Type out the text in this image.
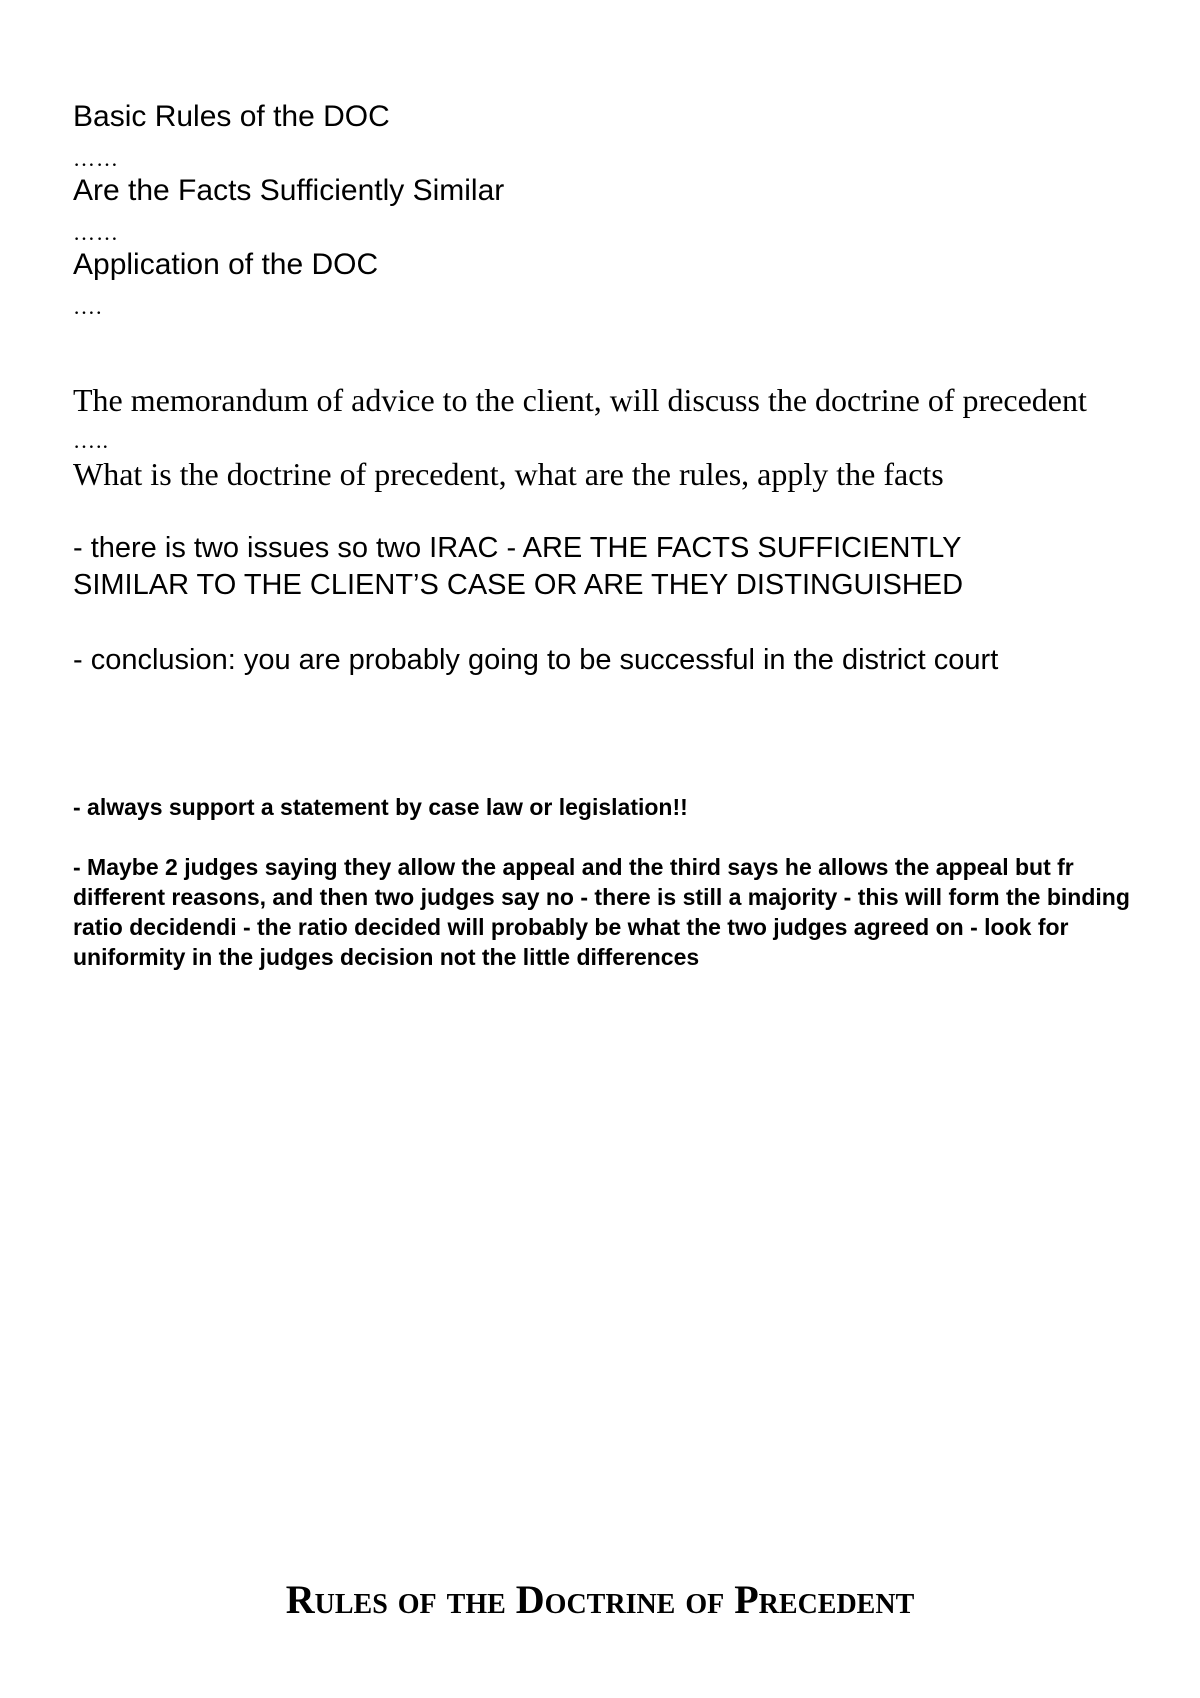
Basic Rules of the DOC

……

Are the Facts Sufficiently Similar

……

Application of the DOC

….

The memorandum of advice to the client, will discuss the doctrine of precedent

…..

What is the doctrine of precedent, what are the rules, apply the facts

- there is two issues so two IRAC - ARE THE FACTS SUFFICIENTLY

SIMILAR TO THE CLIENT’S CASE OR ARE THEY DISTINGUISHED

- conclusion: you are probably going to be successful in the district court

- always support a statement by case law or legislation!!

- Maybe 2 judges saying they allow the appeal and the third says he allows the appeal but fr different reasons, and then two judges say no - there is still a majority - this will form the binding ratio decidendi - the ratio decided will probably be what the two judges agreed on - look for uniformity in the judges decision not the little differences

Rules of the Doctrine of Precedent
